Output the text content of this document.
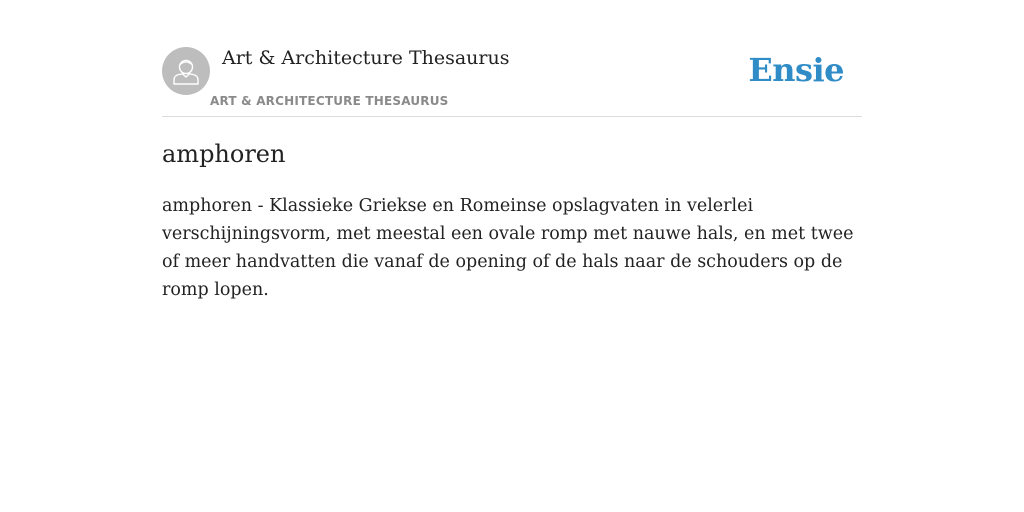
Art & Architecture Thesaurus
ART & ARCHITECTURE THESAURUS
Ensie
amphoren

amphoren - Klassieke Griekse en Romeinse opslagvaten in velerlei verschijningsvorm, met meestal een ovale romp met nauwe hals, en met twee of meer handvatten die vanaf de opening of de hals naar de schouders op de romp lopen.
